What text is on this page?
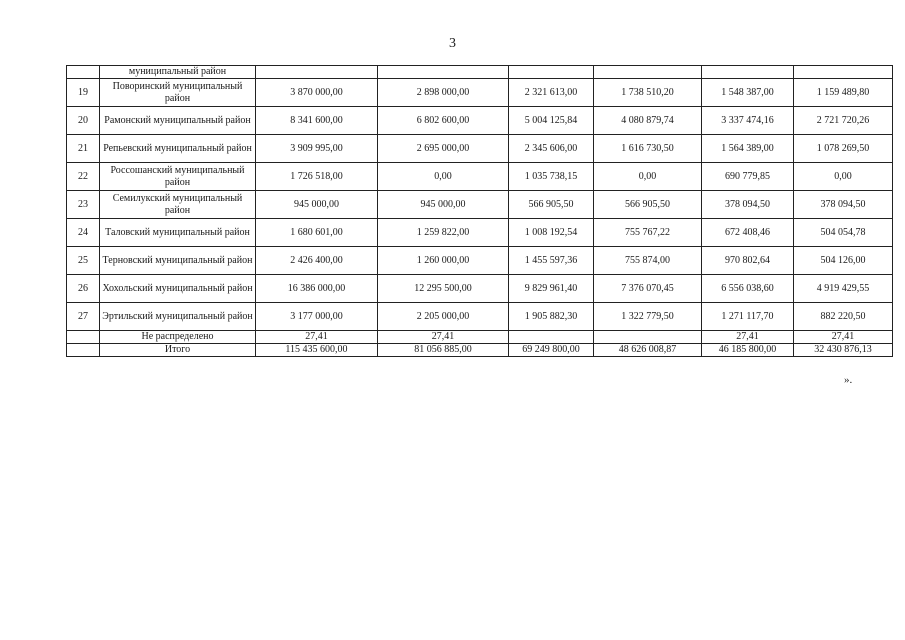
3
	муниципальный район						
19	Поворинский муниципальный район	3 870 000,00	2 898 000,00	2 321 613,00	1 738 510,20	1 548 387,00	1 159 489,80
20	Рамонский муниципальный район	8 341 600,00	6 802 600,00	5 004 125,84	4 080 879,74	3 337 474,16	2 721 720,26
21	Репьевский муниципальный район	3 909 995,00	2 695 000,00	2 345 606,00	1 616 730,50	1 564 389,00	1 078 269,50
22	Россошанский муниципальный район	1 726 518,00	0,00	1 035 738,15	0,00	690 779,85	0,00
23	Семилукский муниципальный район	945 000,00	945 000,00	566 905,50	566 905,50	378 094,50	378 094,50
24	Таловский муниципальный район	1 680 601,00	1 259 822,00	1 008 192,54	755 767,22	672 408,46	504 054,78
25	Терновский муниципальный район	2 426 400,00	1 260 000,00	1 455 597,36	755 874,00	970 802,64	504 126,00
26	Хохольский муниципальный район	16 386 000,00	12 295 500,00	9 829 961,40	7 376 070,45	6 556 038,60	4 919 429,55
27	Эртильский муниципальный район	3 177 000,00	2 205 000,00	1 905 882,30	1 322 779,50	1 271 117,70	882 220,50
	Не распределено	27,41	27,41			27,41	27,41
	Итого	115 435 600,00	81 056 885,00	69 249 800,00	48 626 008,87	46 185 800,00	32 430 876,13
».
